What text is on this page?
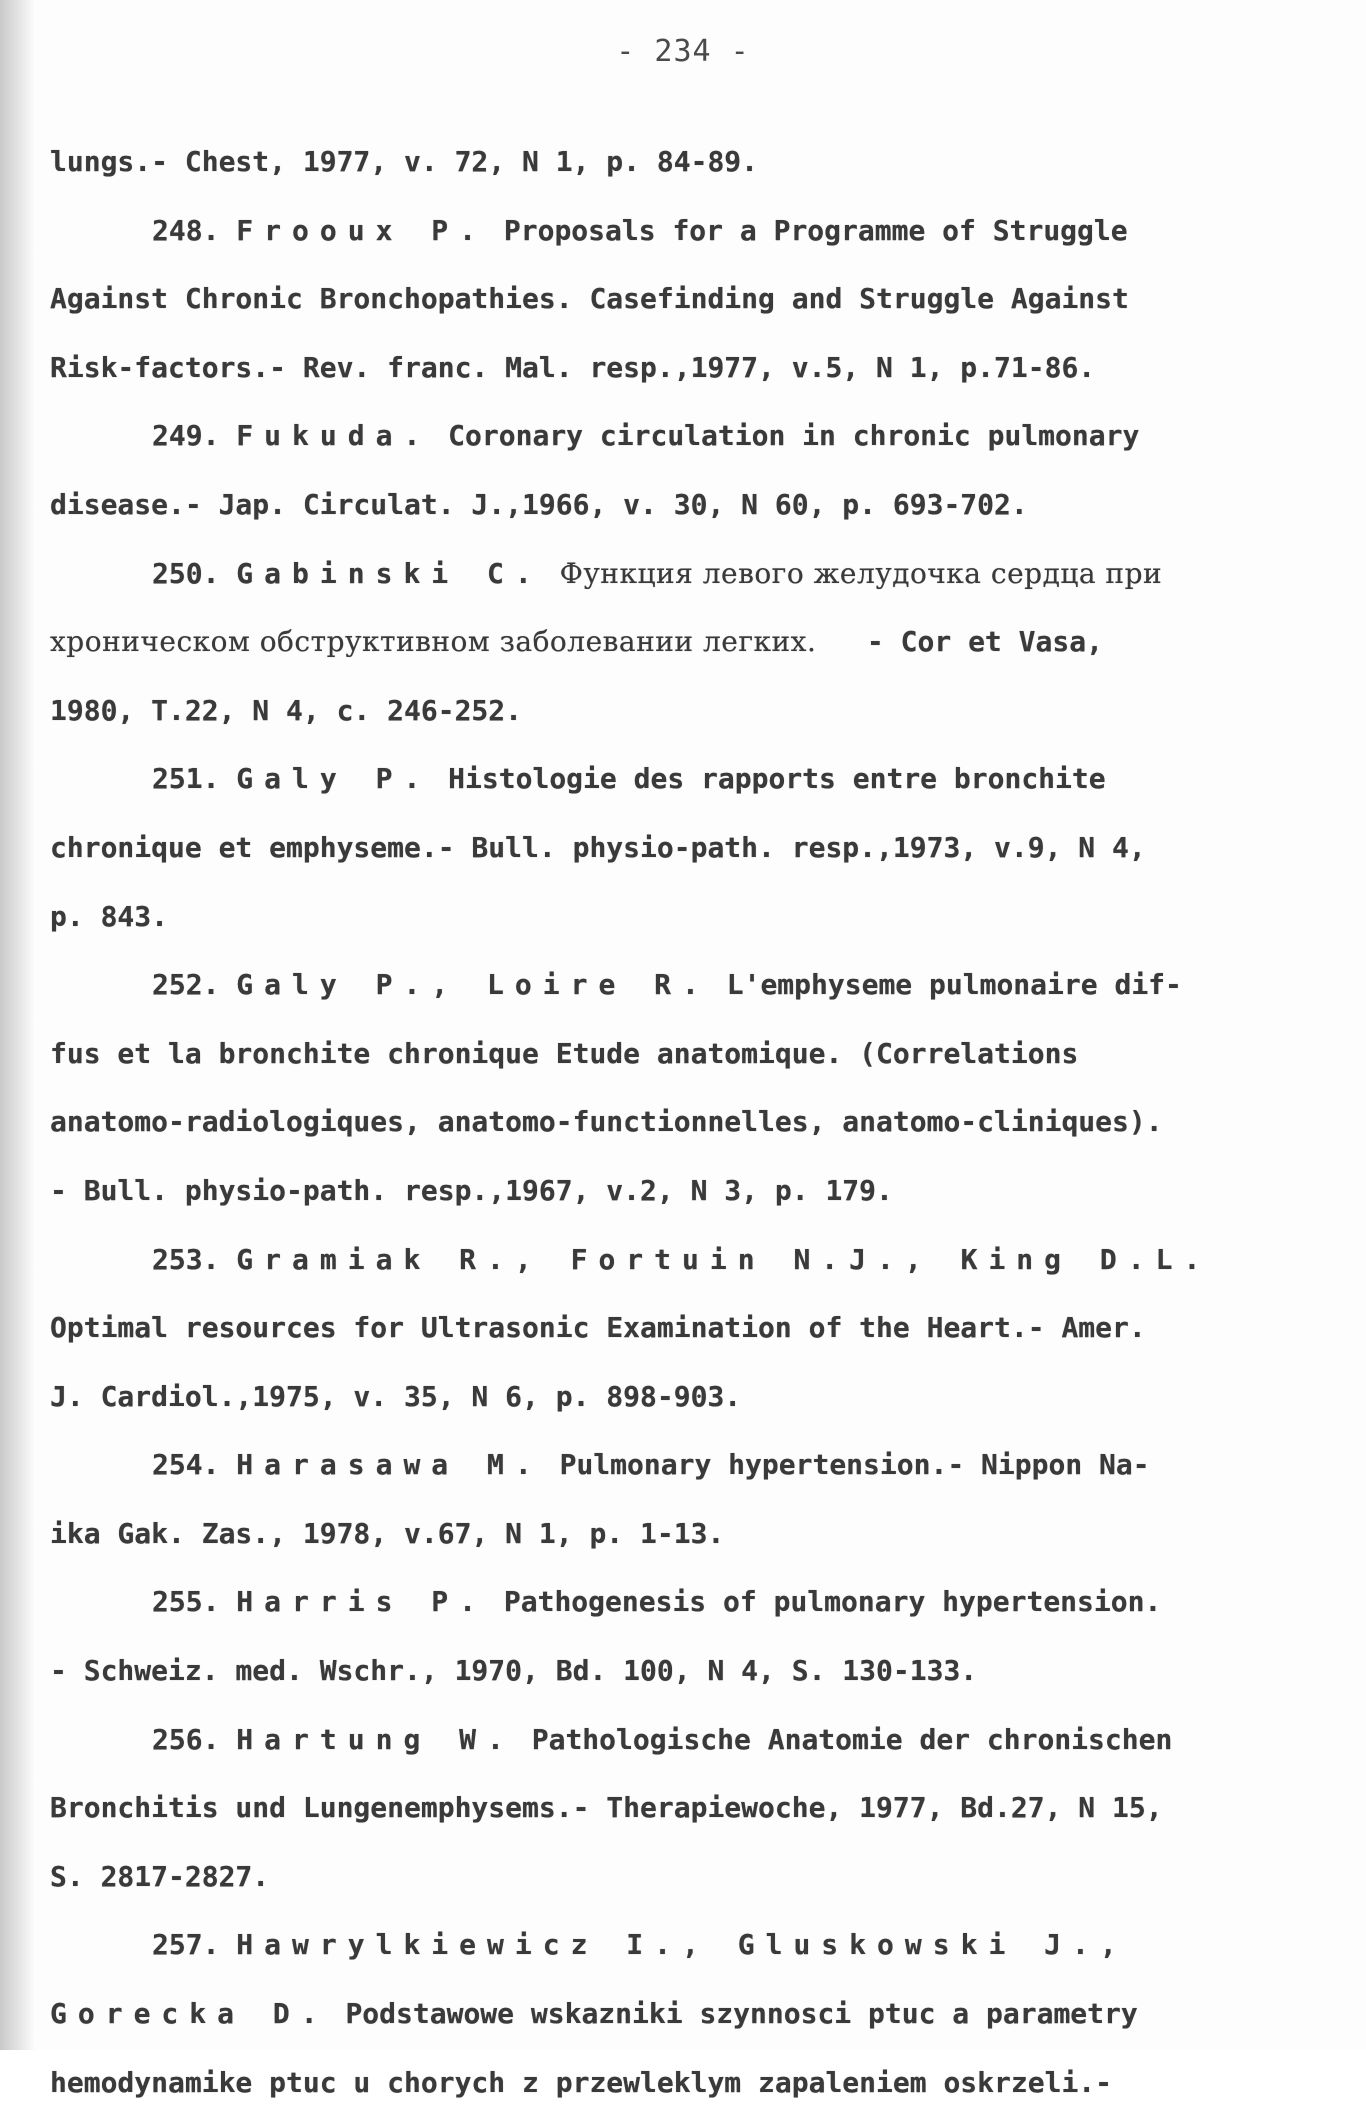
- 234 -
lungs.- Chest, 1977, v. 72, N 1, p. 84-89.
248. Frooux P. Proposals for a Programme of Struggle
Against Chronic Bronchopathies. Casefinding and Struggle Against
Risk-factors.- Rev. franc. Mal. resp.,1977, v.5, N 1, p.71-86.
249. Fukuda. Coronary circulation in chronic pulmonary
disease.- Jap. Circulat. J.,1966, v. 30, N 60, p. 693-702.
250. Gabinski C. Функция левого желудочка сердца при
хроническом обструктивном заболевании легких.   - Cor et Vasa,
1980, T.22, N 4, c. 246-252.
251. Galy P. Histologie des rapports entre bronchite
chronique et emphyseme.- Bull. physio-path. resp.,1973, v.9, N 4,
p. 843.
252. Galy P., Loire R. L'emphyseme pulmonaire dif-
fus et la bronchite chronique Etude anatomique. (Correlations
anatomo-radiologiques, anatomo-functionnelles, anatomo-cliniques).
- Bull. physio-path. resp.,1967, v.2, N 3, p. 179.
253. Gramiak R., Fortuin N.J., King D.L.
Optimal resources for Ultrasonic Examination of the Heart.- Amer.
J. Cardiol.,1975, v. 35, N 6, p. 898-903.
254. Harasawa M. Pulmonary hypertension.- Nippon Na-
ika Gak. Zas., 1978, v.67, N 1, p. 1-13.
255. Harris P. Pathogenesis of pulmonary hypertension.
- Schweiz. med. Wschr., 1970, Bd. 100, N 4, S. 130-133.
256. Hartung W. Pathologische Anatomie der chronischen
Bronchitis und Lungenemphysems.- Therapiewoche, 1977, Bd.27, N 15,
S. 2817-2827.
257. Hawrylkiewicz I., Gluskowski J.,
Gorecka D. Podstawowe wskazniki szynnosci ptuc a parametry
hemodynamike ptuc u chorych z przewleklym zapaleniem oskrzeli.-
